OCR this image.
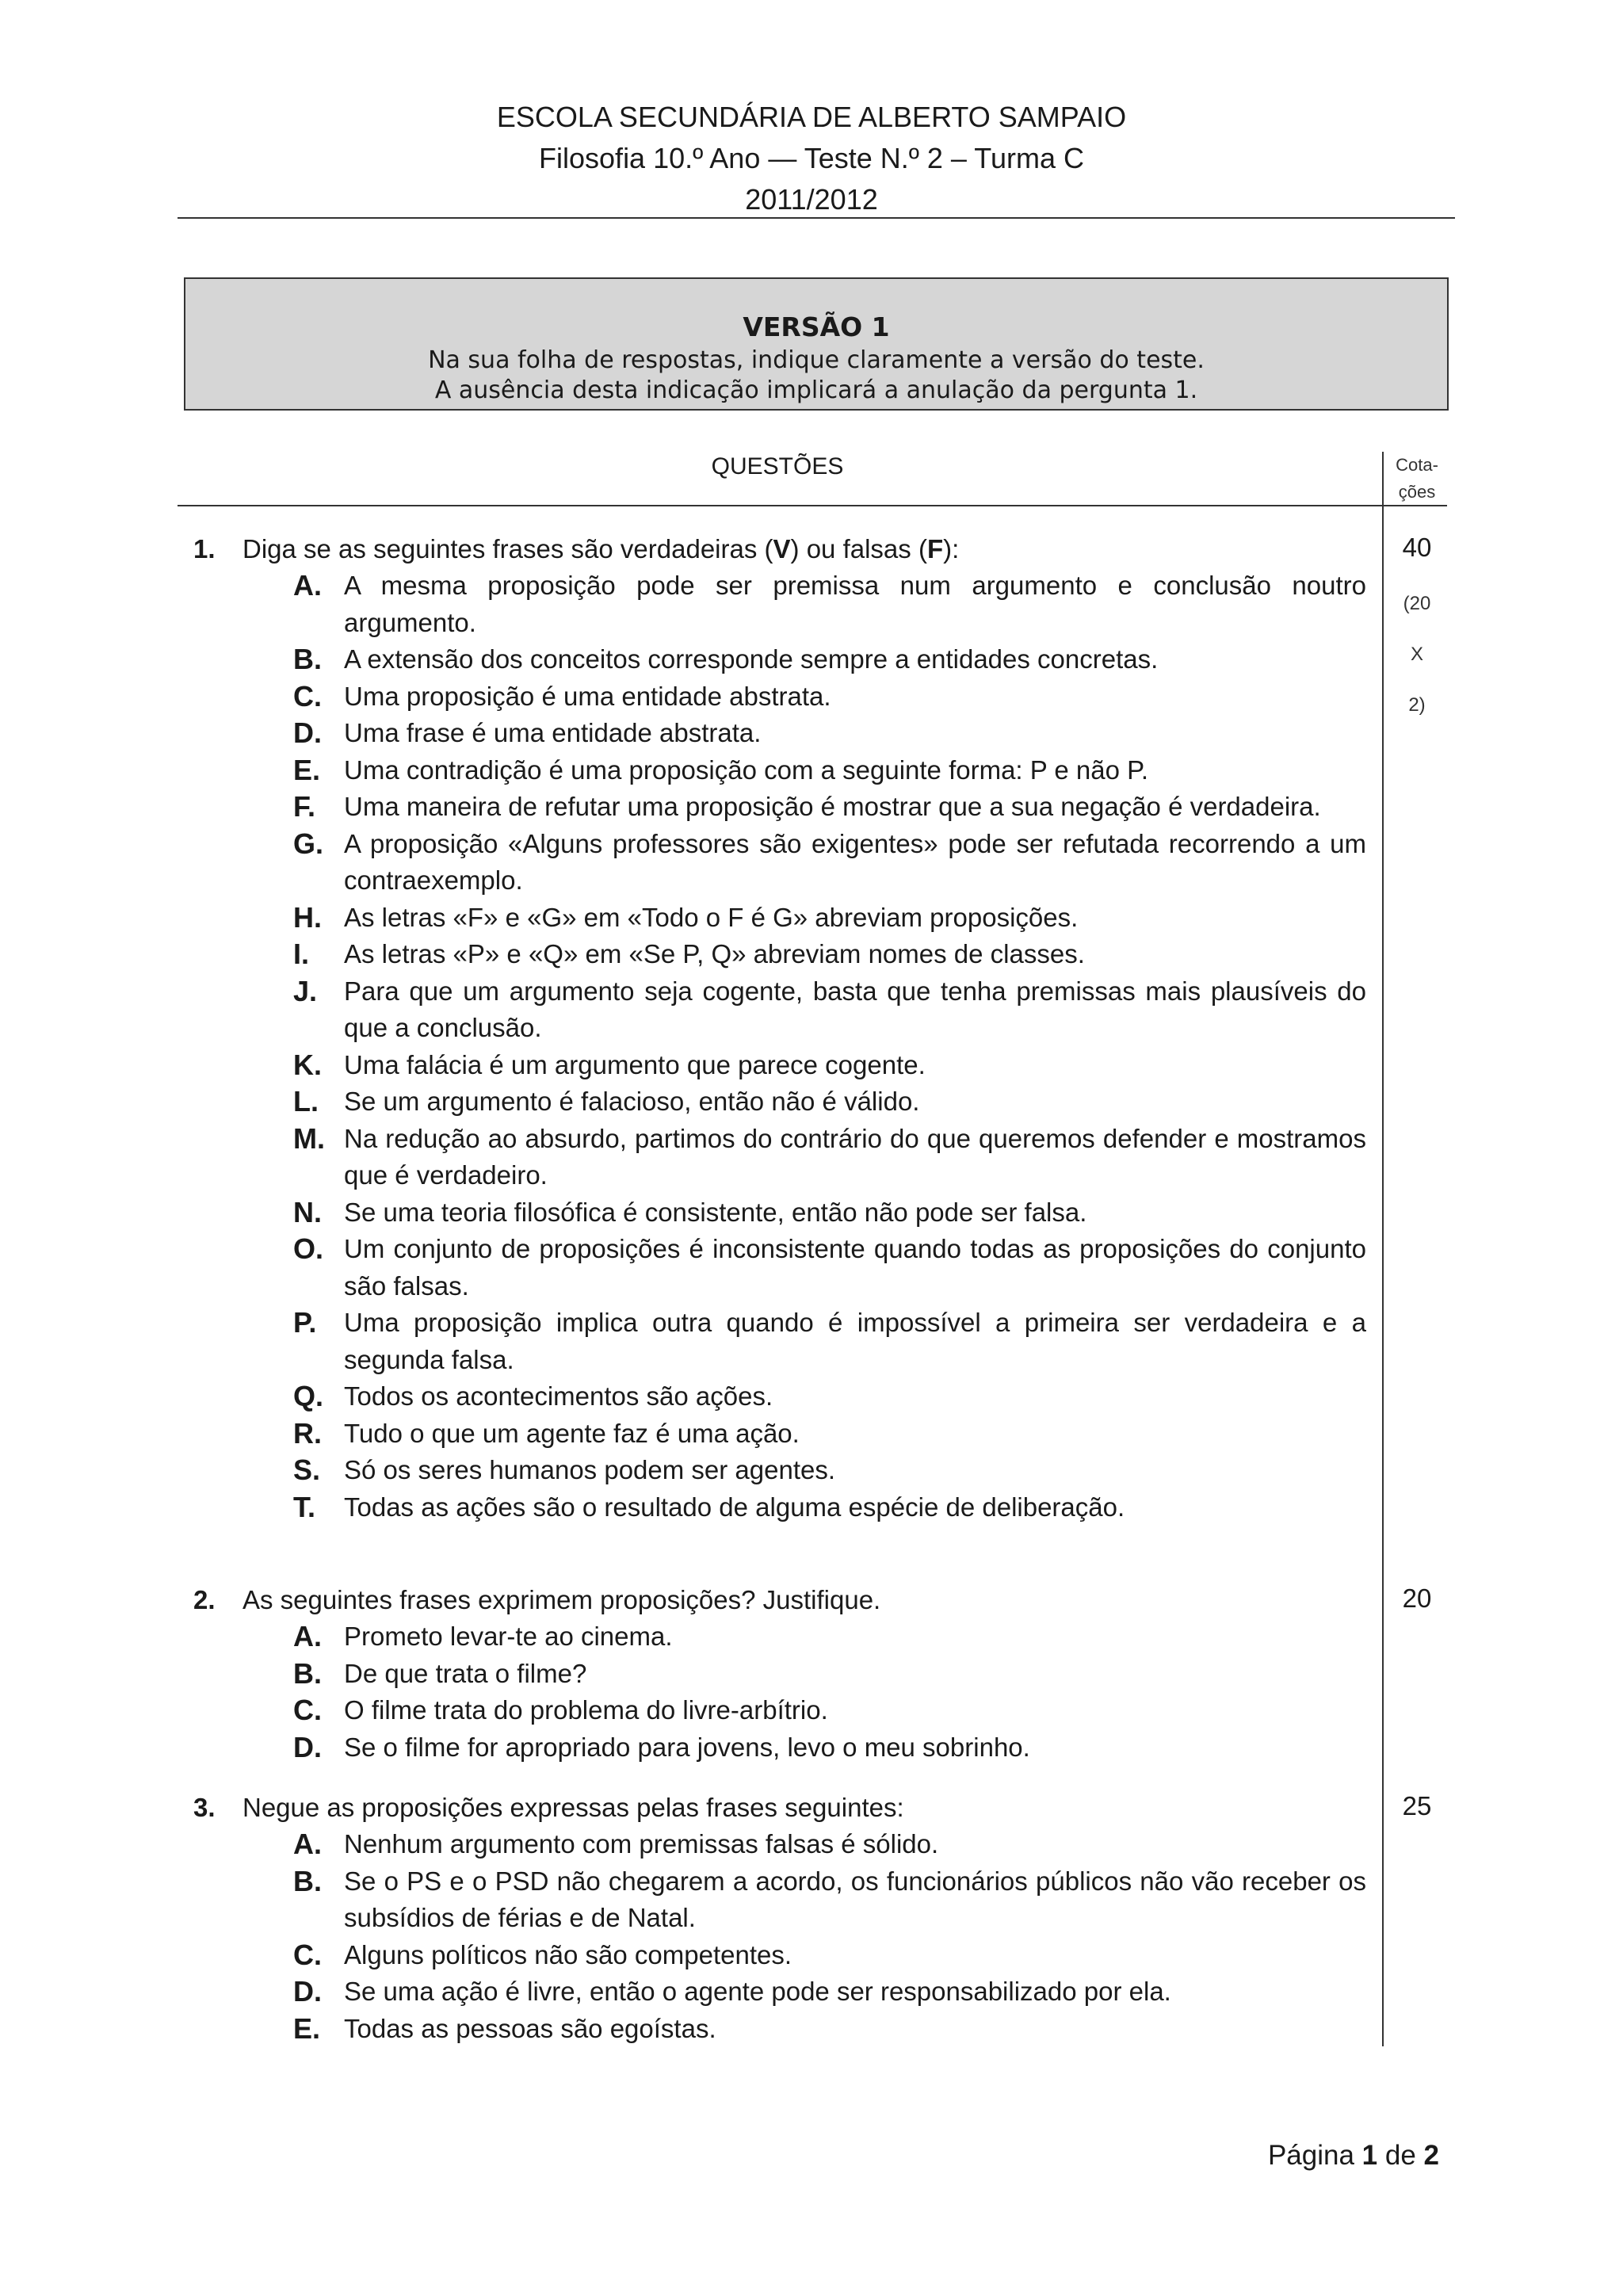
ESCOLA SECUNDÁRIA DE ALBERTO SAMPAIO
Filosofia 10.º Ano — Teste N.º 2 – Turma C
2011/2012
VERSÃO 1
Na sua folha de respostas, indique claramente a versão do teste.
A ausência desta indicação implicará a anulação da pergunta 1.
QUESTÕES	Cota-
ções
1. Diga se as seguintes frases são verdadeiras (V) ou falsas (F):
A. A mesma proposição pode ser premissa num argumento e conclusão noutro argumento.
B. A extensão dos conceitos corresponde sempre a entidades concretas.
C. Uma proposição é uma entidade abstrata.
D. Uma frase é uma entidade abstrata.
E. Uma contradição é uma proposição com a seguinte forma: P e não P.
F.	Uma maneira de refutar uma proposição é mostrar que a sua negação é verdadeira.
G. A proposição «Alguns professores são exigentes» pode ser refutada recorrendo a um contraexemplo.
H. As letras «F» e «G» em «Todo o F é G» abreviam proposições.
I.	As letras «P» e «Q» em «Se P, Q» abreviam nomes de classes.
J.	Para que um argumento seja cogente, basta que tenha premissas mais plausíveis do que a conclusão.
K. Uma falácia é um argumento que parece cogente.
L. Se um argumento é falacioso, então não é válido.
M. Na redução ao absurdo, partimos do contrário do que queremos defender e mostramos que é verdadeiro.
N. Se uma teoria filosófica é consistente, então não pode ser falsa.
O. Um conjunto de proposições é inconsistente quando todas as proposições do conjunto são falsas.
P.	Uma proposição implica outra quando é impossível a primeira ser verdadeira e a segunda falsa.
Q. Todos os acontecimentos são ações.
R. Tudo o que um agente faz é uma ação.
S. Só os seres humanos podem ser agentes.
T.	Todas as ações são o resultado de alguma espécie de deliberação.
40
(20
X
2)
2. As seguintes frases exprimem proposições? Justifique.
A. Prometo levar-te ao cinema.
B. De que trata o filme?
C. O filme trata do problema do livre-arbítrio.
D. Se o filme for apropriado para jovens, levo o meu sobrinho.
20
3. Negue as proposições expressas pelas frases seguintes:
A. Nenhum argumento com premissas falsas é sólido.
B. Se o PS e o PSD não chegarem a acordo, os funcionários públicos não vão receber os subsídios de férias e de Natal.
C. Alguns políticos não são competentes.
D. Se uma ação é livre, então o agente pode ser responsabilizado por ela.
E. Todas as pessoas são egoístas.
25
Página 1 de 2
